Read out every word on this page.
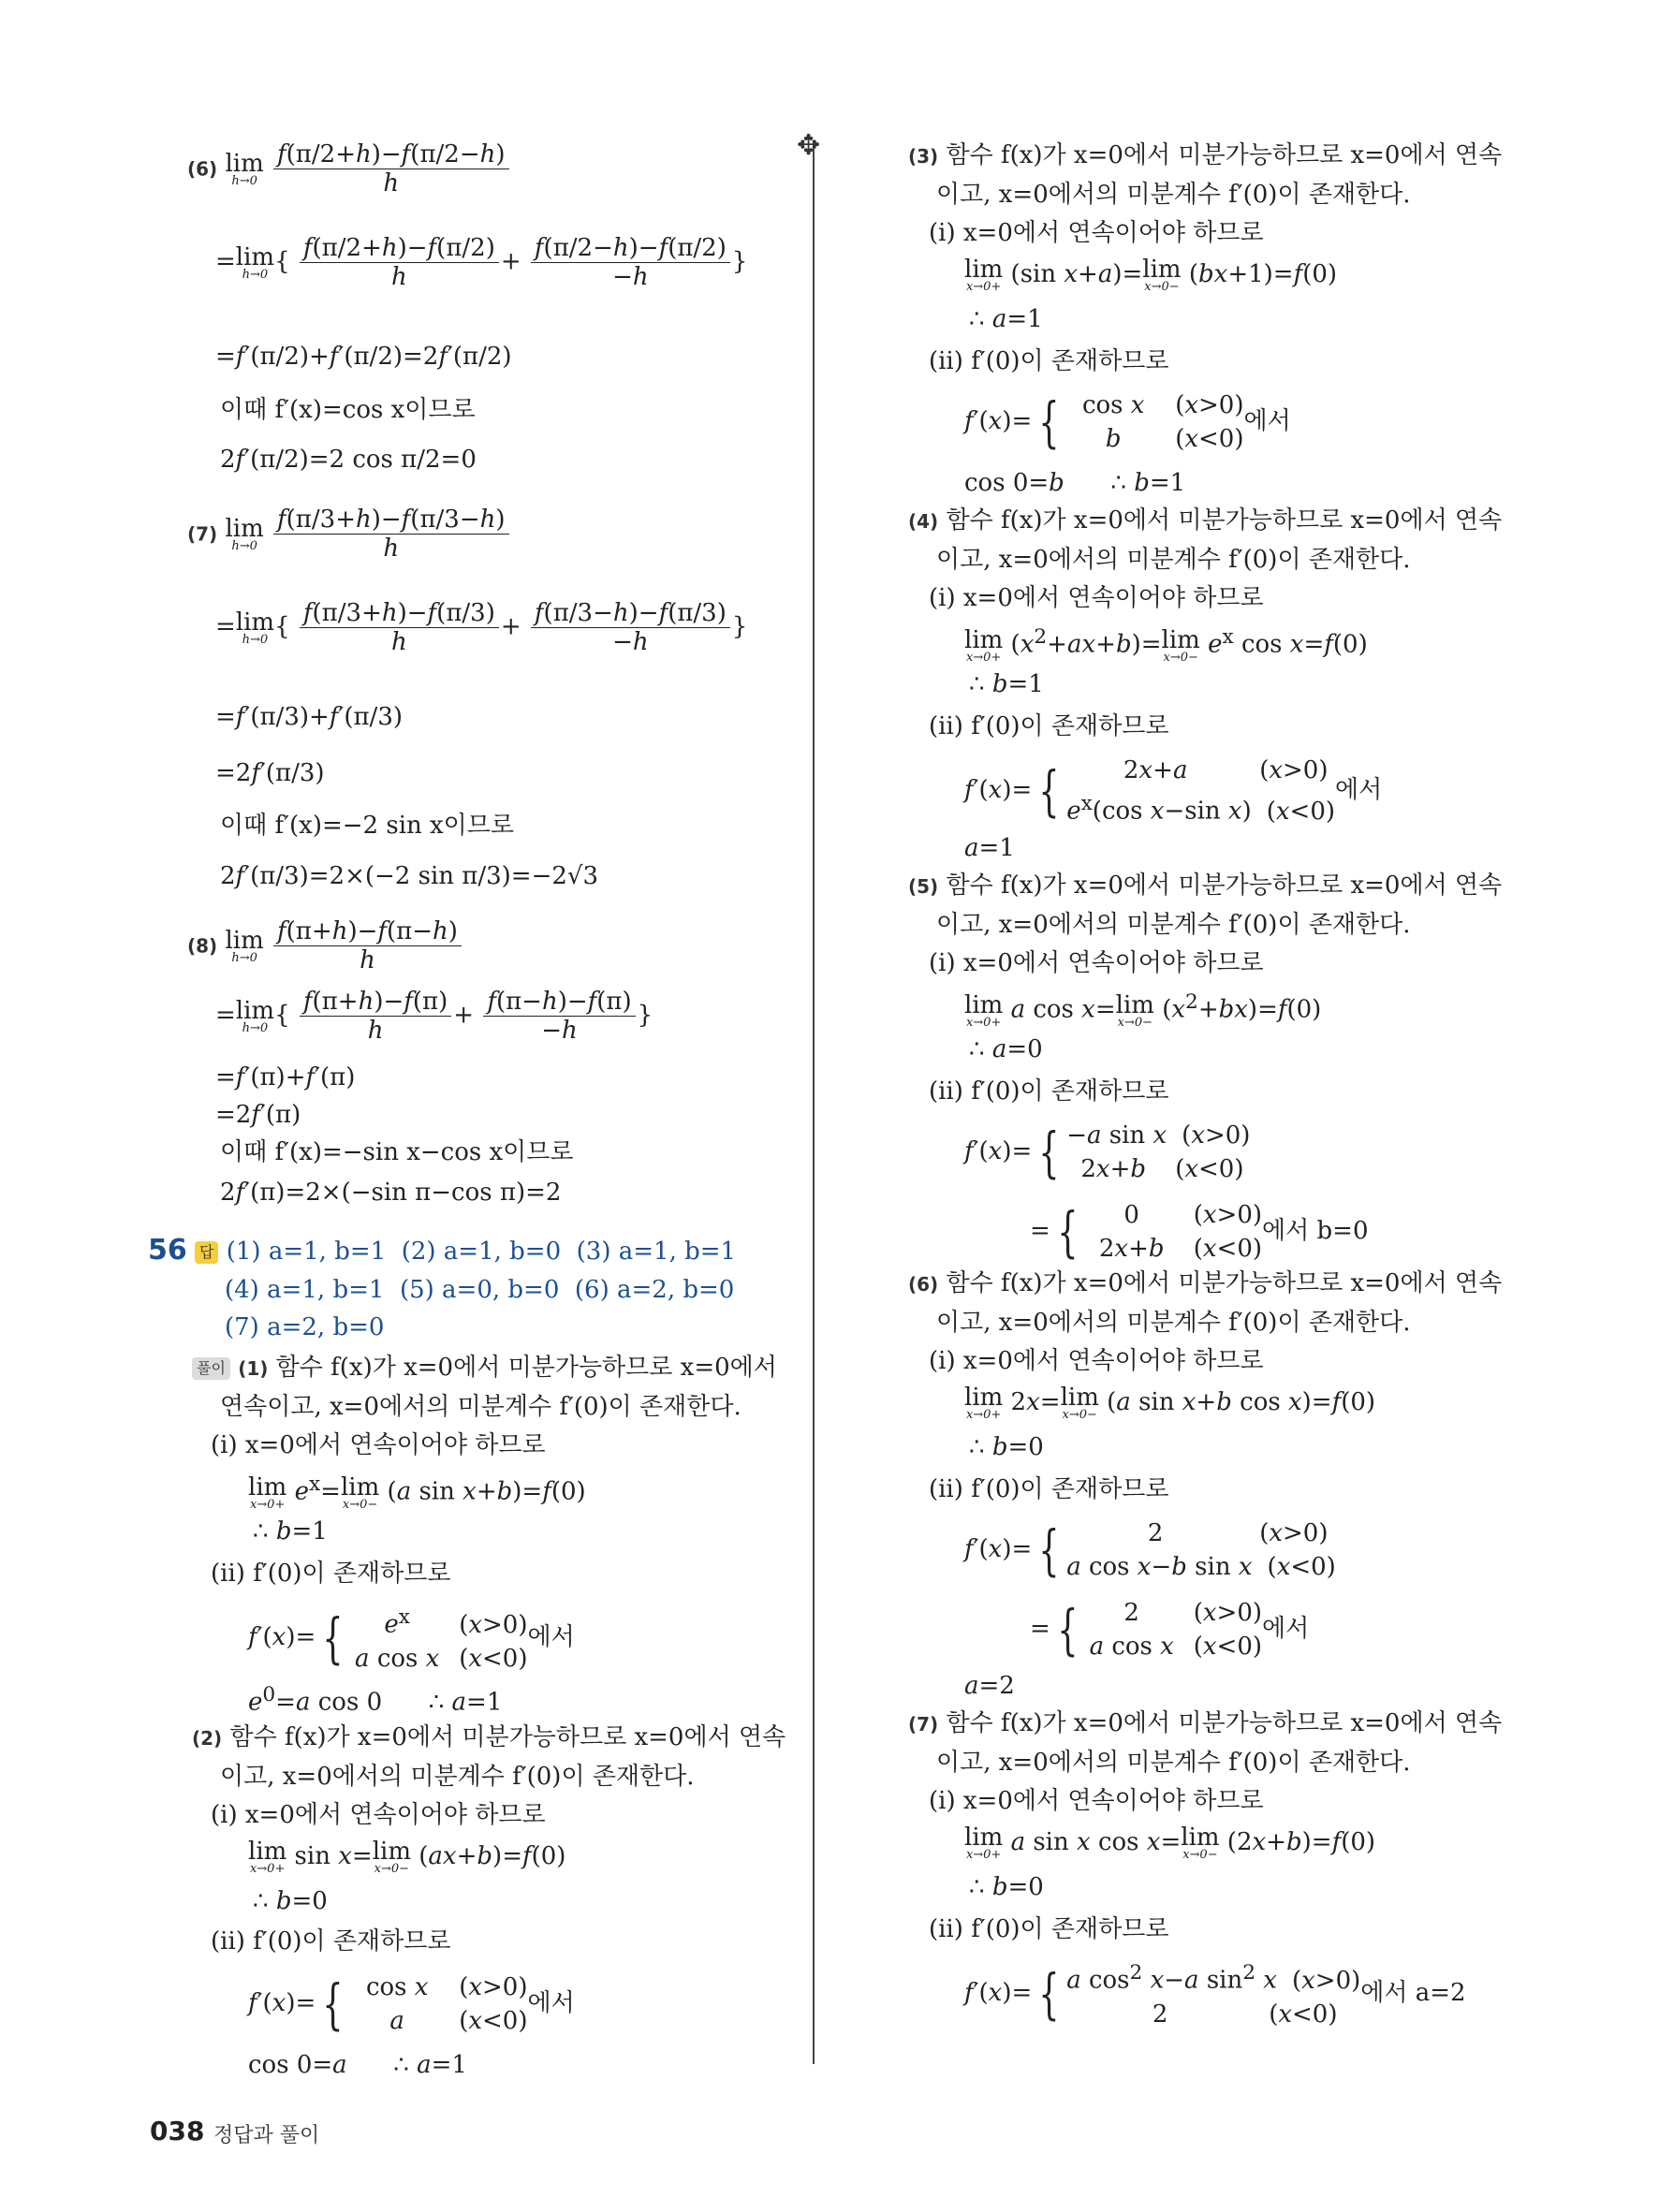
✥
(6) lim
h→0
$\frac{f(\pi/2+h)-f(\pi/2-h)}{h}$
=lim
h→0 { $\frac{f(\pi/2+h)-f(\pi/2)}{h} + \frac{f(\pi/2-h)-f(\pi/2)}{-h}$ }
=f′(π/2)+f′(π/2)=2f′(π/2)
이때 f′(x)=cos x이므로
2f′(π/2)=2 cos π/2=0
(7) lim
h→0
$\frac{f(\pi/3+h)-f(\pi/3-h)}{h}$
=lim
h→0 { $\frac{f(\pi/3+h)-f(\pi/3)}{h} + \frac{f(\pi/3-h)-f(\pi/3)}{-h}$ }
=f′(π/3)+f′(π/3)
=2f′(π/3)
이때 f′(x)=−2 sin x이므로
2f′(π/3)=2×(−2 sin π/3)=−2√3
(8) lim
h→0
$\frac{f(\pi+h)-f(\pi-h)}{h}$
=lim
h→0 { $\frac{f(\pi+h)-f(\pi)}{h} + \frac{f(\pi-h)-f(\pi)}{-h}$ }
=f′(π)+f′(π)
=2f′(π)
이때 f′(x)=−sin x−cos x이므로
2f′(π)=2×(−sin π−cos π)=2
56 답 (1) a=1, b=1 (2) a=1, b=0 (3) a=1, b=1
(4) a=1, b=1 (5) a=0, b=0 (6) a=2, b=0
(7) a=2, b=0
풀이 (1) 함수 f(x)가 x=0에서 미분가능하므로 x=0에서
연속이고, x=0에서의 미분계수 f′(0)이 존재한다.
(ⅰ) x=0에서 연속이어야 하므로
lim
$x\to 0+ e^x=\lim$
x→0− (a sin x+b)=f(0)
∴ b=1
(ⅱ) f′(0)이 존재하므로
f′(x)= {	$e^x$ (x>0)
a cos x (x<0)
에서
$e^0=a$ cos 0      ∴ a=1
(2) 함수 f(x)가 x=0에서 미분가능하므로 x=0에서 연속
이고, x=0에서의 미분계수 f′(0)이 존재한다.
(ⅰ) x=0에서 연속이어야 하므로
lim
x→0+ sin x=lim
x→0− (ax+b)=f(0)
∴ b=0
(ⅱ) f′(0)이 존재하므로
f′(x)= { cos x (x>0)
a (x<0)
에서
cos 0=a      ∴ a=1
(3) 함수 f(x)가 x=0에서 미분가능하므로 x=0에서 연속
이고, x=0에서의 미분계수 f′(0)이 존재한다.
(ⅰ) x=0에서 연속이어야 하므로
lim
x→0+ (sin x+a)=lim
x→0− (bx+1)=f(0)
∴ a=1
(ⅱ) f′(0)이 존재하므로
f′(x)= { cos x (x>0)
b (x<0)
에서
cos 0=b      ∴ b=1
(4) 함수 f(x)가 x=0에서 미분가능하므로 x=0에서 연속
이고, x=0에서의 미분계수 f′(0)이 존재한다.
(ⅰ) x=0에서 연속이어야 하므로
lim
$x\to 0+ (x^2+ax+b)=\lim$
$x\to 0- e^x$ cos x=f(0)
∴ b=1
(ⅱ) f′(0)이 존재하므로
f′(x)= {	2x+a	(x>0)
$e^x(\cos$ x−sin x) (x<0)
에서
a=1
(5) 함수 f(x)가 x=0에서 미분가능하므로 x=0에서 연속
이고, x=0에서의 미분계수 f′(0)이 존재한다.
(ⅰ) x=0에서 연속이어야 하므로
lim
x→0+ a cos x=lim
$x\to 0- (x^2+bx)=f(0)$
∴ a=0
(ⅱ) f′(0)이 존재하므로
f′(x)= { −a sin x (x>0)
2x+b (x<0)
= {	0 (x>0)
2x+b (x<0)
에서 b=0
(6) 함수 f(x)가 x=0에서 미분가능하므로 x=0에서 연속
이고, x=0에서의 미분계수 f′(0)이 존재한다.
(ⅰ) x=0에서 연속이어야 하므로
lim
x→0+ 2x=lim
x→0− (a sin x+b cos x)=f(0)
∴ b=0
(ⅱ) f′(0)이 존재하므로
f′(x)= {	2	(x>0)
a cos x−b sin x (x<0)
= {	2 (x>0)
a cos x (x<0)
에서
a=2
(7) 함수 f(x)가 x=0에서 미분가능하므로 x=0에서 연속
이고, x=0에서의 미분계수 f′(0)이 존재한다.
(ⅰ) x=0에서 연속이어야 하므로
lim
x→0+ a sin x cos x=lim
x→0− (2x+b)=f(0)
∴ b=0
(ⅱ) f′(0)이 존재하므로
f′(x)= { a $\cos^2 x-a$ $\sin^2 x$ (x>0)
2	(x<0)
에서 a=2
038 정답과 풀이
